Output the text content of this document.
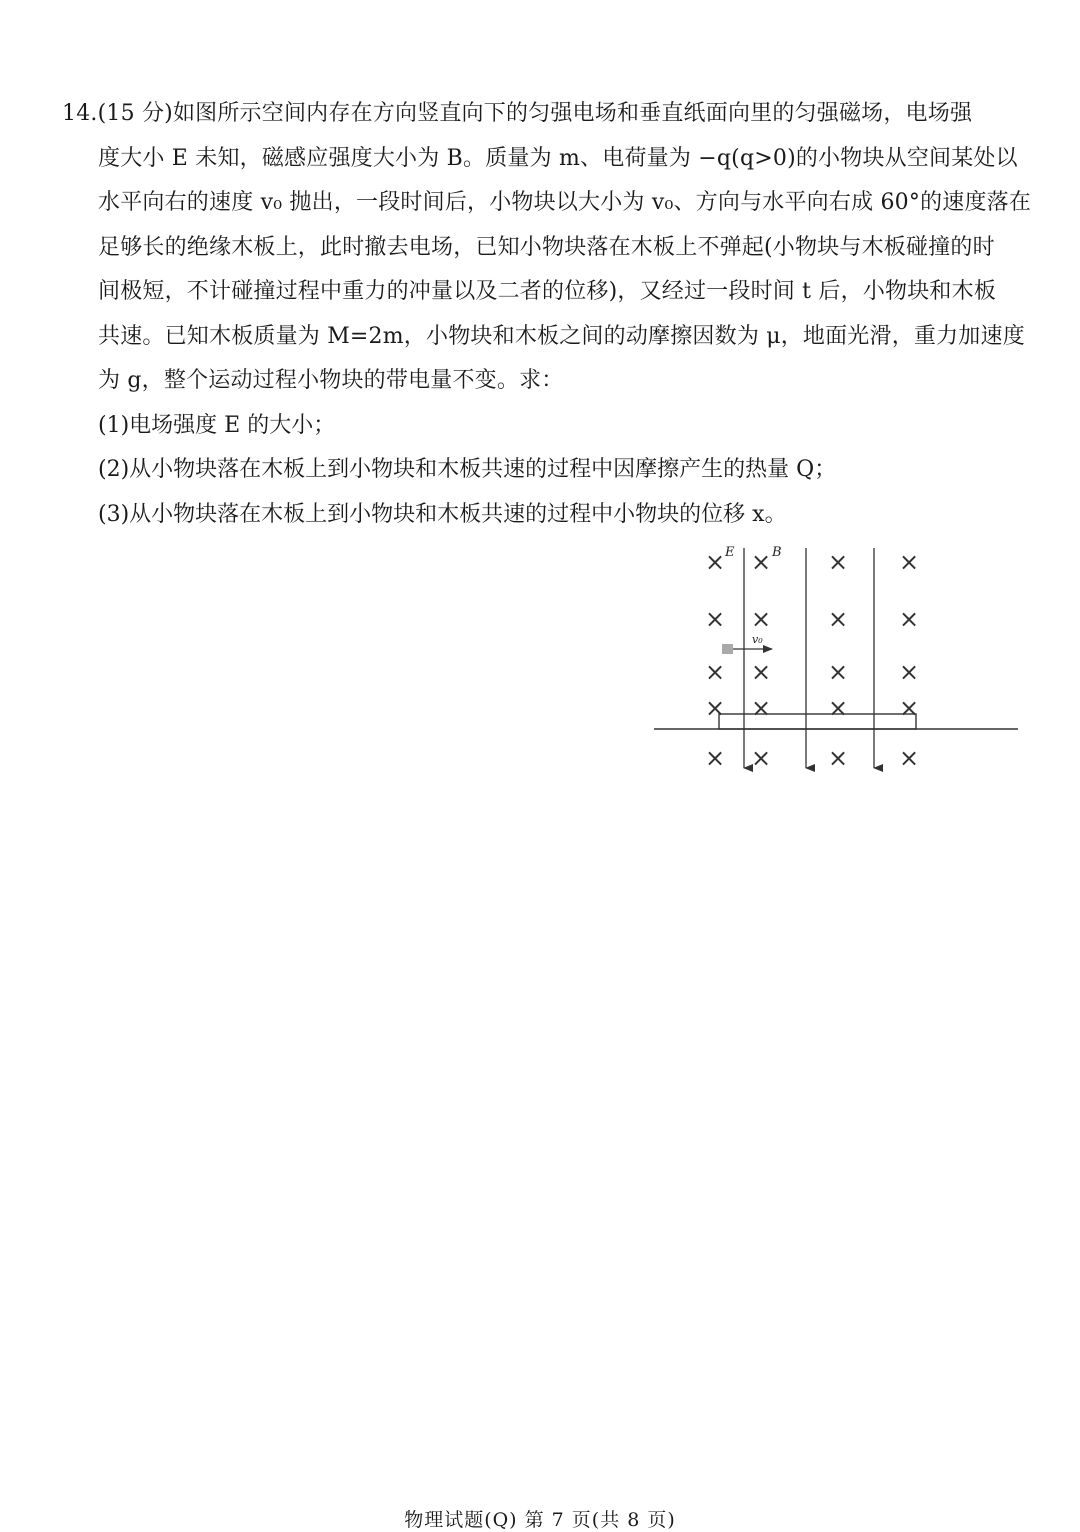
14.(15 分)如图所示空间内存在方向竖直向下的匀强电场和垂直纸面向里的匀强磁场，电场强
度大小 E 未知，磁感应强度大小为 B。质量为 m、电荷量为 −q(q>0)的小物块从空间某处以
水平向右的速度 v₀ 抛出，一段时间后，小物块以大小为 v₀、方向与水平向右成 60°的速度落在
足够长的绝缘木板上，此时撤去电场，已知小物块落在木板上不弹起(小物块与木板碰撞的时
间极短，不计碰撞过程中重力的冲量以及二者的位移)，又经过一段时间 t 后，小物块和木板
共速。已知木板质量为 M=2m，小物块和木板之间的动摩擦因数为 μ，地面光滑，重力加速度
为 g，整个运动过程小物块的带电量不变。求：
(1)电场强度 E 的大小；
(2)从小物块落在木板上到小物块和木板共速的过程中因摩擦产生的热量 Q；
(3)从小物块落在木板上到小物块和木板共速的过程中小物块的位移 x。
E	B
v₀
× × × ×
× × × ×
× × × ×
× × × ×
× × × ×
物理试题(Q) 第 7 页(共 8 页)
